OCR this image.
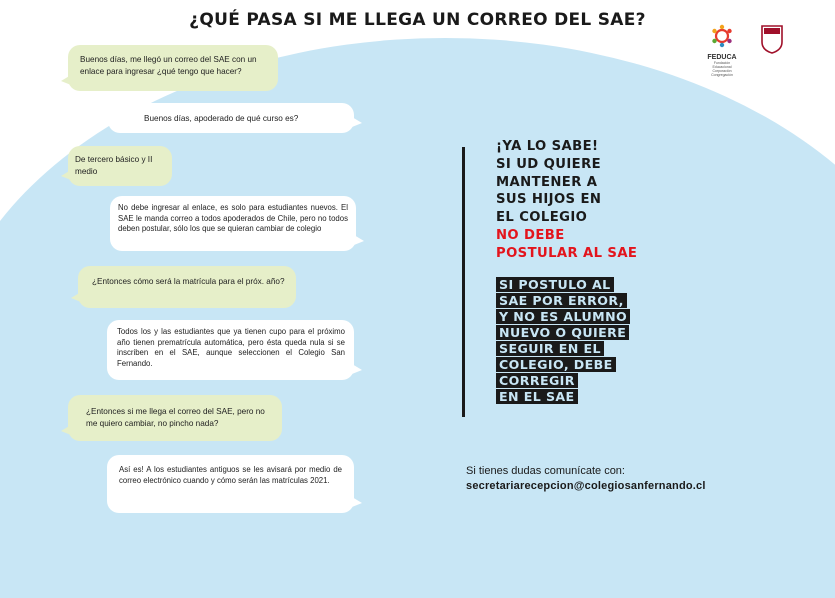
¿QUÉ PASA SI ME LLEGA UN CORREO DEL SAE?
FEDUCA
Fundación Educacional Corporación Congregación
Buenos días, me llegó un correo del SAE con un enlace para ingresar ¿qué tengo que hacer?
Buenos días, apoderado de qué curso es?
De tercero básico y II medio
No debe ingresar al enlace, es solo para estudiantes nuevos. El SAE le manda correo a todos apoderados de Chile, pero no todos deben postular, sólo los que se quieran cambiar de colegio
¿Entonces cómo será la matrícula para el próx. año?
Todos los y las estudiantes que ya tienen cupo para el próximo año tienen prematrícula automática, pero ésta queda nula si se inscriben en el SAE, aunque seleccionen el Colegio San Fernando.
¿Entonces si me llega el correo del SAE, pero no me quiero cambiar, no pincho nada?
Así es! A los estudiantes antiguos se les avisará por medio de correo electrónico cuando y cómo serán las matrículas 2021.
¡YA LO SABE!
SI UD QUIERE
MANTENER A
SUS HIJOS EN
EL COLEGIO
NO DEBE
POSTULAR AL SAE
SI POSTULO AL
SAE POR ERROR,
Y NO ES ALUMNO
NUEVO O QUIERE
SEGUIR EN EL
COLEGIO, DEBE
CORREGIR
EN EL SAE
Si tienes dudas comunícate con:
secretariarecepcion@colegiosanfernando.cl
